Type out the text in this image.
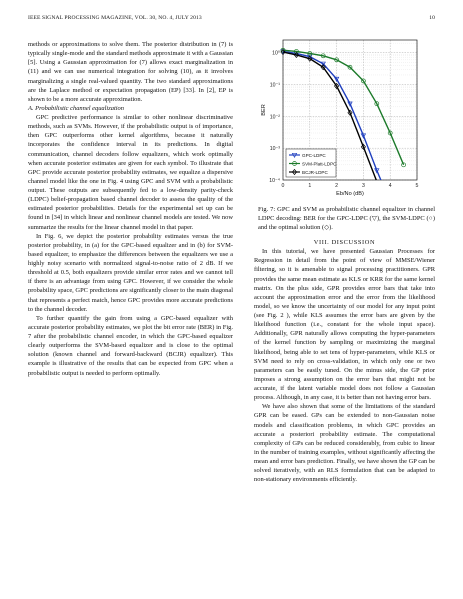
IEEE SIGNAL PROCESSING MAGAZINE, VOL. 30, NO. 4, JULY 2013	10

methods or approximations to solve them. The posterior distribution in (7) is typically single-mode and the standard methods approximate it with a Gaussian [5]. Using a Gaussian approximation for (7) allows exact marginalization in (11) and we can use numerical integration for solving (10), as it involves marginalizing a single real-valued quantity. The two standard approximations are the Laplace method or expectation propagation (EP) [33]. In [2], EP is shown to be a more accurate approximation.

A. Probabilistic channel equalization

GPC predictive performance is similar to other nonlinear discriminative methods, such as SVMs. However, if the probabilistic output is of importance, then GPC outperforms other kernel algorithms, because it naturally incorporates the confidence interval in its predictions. In digital communication, channel decoders follow equalizers, which work optimally when accurate posterior estimates are given for each symbol. To illustrate that GPC provide accurate posterior probability estimates, we equalize a dispersive channel model like the one in Fig. 4 using GPC and SVM with a probabilistic output. These outputs are subsequently fed to a low-density parity-check (LDPC) belief-propagation based channel decoder to assess the quality of the estimated posterior probabilities. Details for the experimental set up can be found in [34] in which linear and nonlinear channel models are tested. We now summarize the results for the linear channel model in that paper.

In Fig. 6, we depict the posterior probability estimates versus the true posterior probability, in (a) for the GPC-based equalizer and in (b) for SVM-based equalizer, to emphasize the differences between the equalizers we use a highly noisy scenario with normalized signal-to-noise ratio of 2 dB. If we threshold at 0.5, both equalizers provide similar error rates and we cannot tell if there is an advantage from using GPC. However, if we consider the whole probability space, GPC predictions are significantly closer to the main diagonal that represents a perfect match, hence GPC provides more accurate predictions to the channel decoder.

To further quantify the gain from using a GPC-based equalizer with accurate posterior probability estimates, we plot the bit error rate (BER) in Fig. 7 after the probabilistic channel encoder, in which the GPC-based equalizer clearly outperforms the SVM-based equalizer and is close to the optimal solution (known channel and forward-backward (BCJR) equalizer). This example is illustrative of the results that can be expected from GPC when a probabilistic output is needed to perform optimally.

10⁰
10⁻¹
10⁻²
10⁻³
10⁻⁴
0	1	2	3	4	5
Eb/No (dB)
BER
GPC-LDPC
SVM-Platt-LDPC
BCJR-LDPC
Fig. 7: GPC and SVM as probabilistic channel equalizer in channel LDPC decoding: BER for the GPC-LDPC (▽), the SVM-LDPC (○) and the optimal solution (◇).

VIII. DISCUSSION

In this tutorial, we have presented Gaussian Processes for Regression in detail from the point of view of MMSE/Wiener filtering, so it is amenable to signal processing practitioners. GPR provides the same mean estimate as KLS or KRR for the same kernel matrix. On the plus side, GPR provides error bars that take into account the approximation error and the error from the likelihood model, so we know the uncertainty of our model for any input point (see Fig. 2 ), while KLS assumes the error bars are given by the likelihood function (i.e., constant for the whole input space). Additionally, GPR naturally allows computing the hyper-parameters of the kernel function by sampling or maximizing the marginal likelihood, being able to set tens of hyper-parameters, while KLS or SVM need to rely on cross-validation, in which only one or two parameters can be easily tuned. On the minus side, the GP prior imposes a strong assumption on the error bars that might not be accurate, if the latent variable model does not follow a Gaussian process. Although, in any case, it is better than not having error bars.

We have also shown that some of the limitations of the standard GPR can be eased. GPs can be extended to non-Gaussian noise models and classification problems, in which GPC provides an accurate a posteriori probability estimate. The computational complexity of GPs can be reduced considerably, from cubic to linear in the number of training examples, without significantly affecting the mean and error bars prediction. Finally, we have shown the GP can be solved iteratively, with an RLS formulation that can be adapted to non-stationary environments efficiently.
